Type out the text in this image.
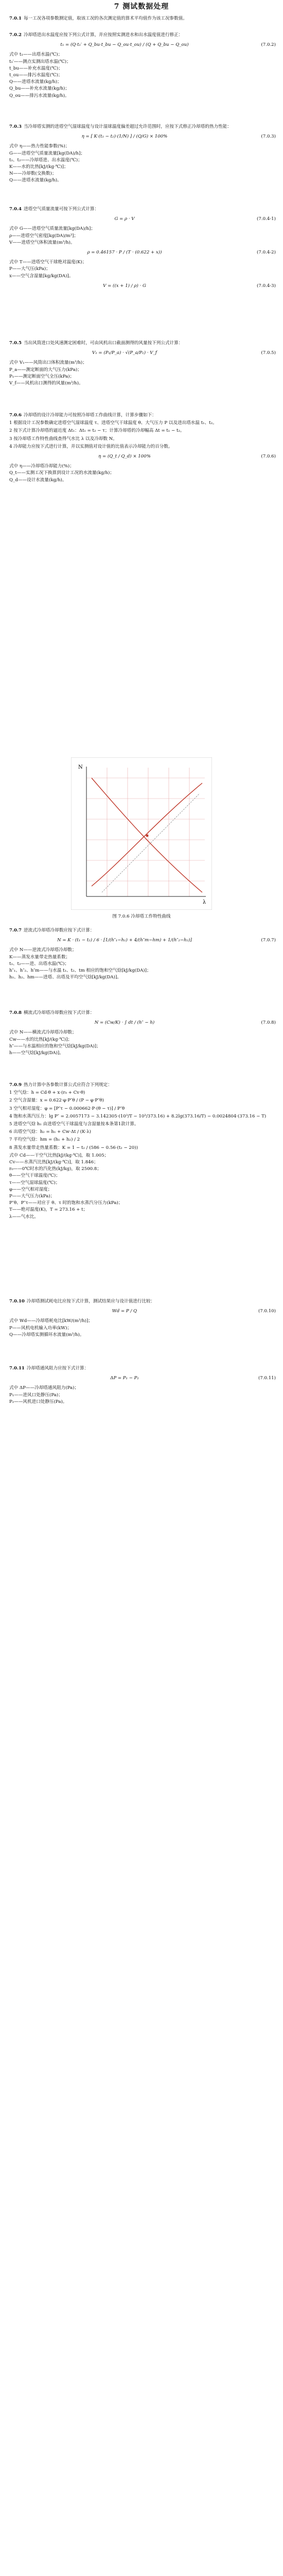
7 测试数据处理

7.0.1 每一工况各项参数测定值，取该工况的各次测定值的算术平均值作为该工况参数值。

7.0.2 冷却塔进出水温度应按下列公式计算，并应按照实测进水和出水温度值进行修正：

t₁ = (Q·t₁′ + Q_bu·t_bu − Q_ou·t_ou) / (Q + Q_bu − Q_ou)	(7.0.2)
式中 t₁——出塔水温(℃)；
t₁′——测点实测出塔水温(℃)；
t_bu——补充水温度(℃)；
t_ou——排污水温度(℃)；
Q——进塔水流量(kg/h)；
Q_bu——补充水流量(kg/h)；
Q_ou——排污水流量(kg/h)。

7.0.3 当冷却塔实测的进塔空气湿球温度与设计湿球温度偏差超过允许范围时，应按下式修正冷却塔的热力性能：

η = [ K·(t₁ − t₂)·(1/N) ] / (Q/G) × 100%	(7.0.3)
式中 η——热力性能参数(%)；
G——进塔空气质量流量[kg(DA)/h]；
t₁、t₂——冷却塔进、出水温度(℃)；
K——水的比热[kJ/(kg·℃)]；
N——冷却数(交换数)；
Q——进塔水流量(kg/h)。

7.0.4 进塔空气质量流量可按下列公式计算：

G = ρ · V	(7.0.4-1)
式中 G——进塔空气质量流量[kg(DA)/h]；
ρ——进塔空气密度[kg(DA)/m³]；
V——进塔空气体积流量(m³/h)。
ρ = 0.46157 · P / (T · (0.622 + x))	(7.0.4-2)
式中 T——进塔空气干球绝对温度(K)；
P——大气压(kPa)；
x——空气含湿量[kg/kg(DA)]。
V = ((x + 1) / ρ) · G	(7.0.4-3)

7.0.5 当出风筒进口处风速测定困难时，可由风机出口截面测得的风量按下列公式计算：

V₁ = (P₁/P_a) · √(P_a/P₁) · V_f	(7.0.5)
式中 V₁——风筒出口体积流量(m³/h)；
P_a——测定断面的大气压力(kPa)；
P₁——测定断面空气全压(kPa)；
V_f——风机出口测得的风量(m³/h)。

7.0.6 冷却塔的设计冷却能力可按照冷却塔工作曲线计算，计算步骤如下：

1 根据设计工况参数确定进塔空气湿球温度 τ、进塔空气干球温度 θ、大气压力 P 以及进出塔水温 t₁、t₂。

2 按下式计算冷却塔的逼近度 Δt₁：Δt₁ = t₂ − τ；计算冷却塔的冷却幅高 Δt = t₁ − t₂。

3 按冷却塔工作特性曲线查得气水比 λ 以及冷却数 N。

4 冷却能力应按下式进行计算，并以实测值对设计值的比值表示冷却能力的百分数。

η = (Q_t / Q_d) × 100%	(7.0.6)
式中 η——冷却塔冷却能力(%)；
Q_t——实测工况下换算到设计工况的水流量(kg/h)；
Q_d——设计水流量(kg/h)。
λ
N
图 7.0.6 冷却塔工作特性曲线

7.0.7 逆流式冷却塔冷却数应按下式计算：

N = K · (t₁ − t₂) / 6 · [1/(h″₁−h₁) + 4/(h″m−hm) + 1/(h″₂−h₂)]	(7.0.7)
式中 N——逆流式冷却塔冷却数；
K——蒸发水量带走热量系数；
t₁、t₂——进、出塔水温(℃)；
h″₁、h″₂、h″m——与水温 t₁、t₂、tm 相应的饱和空气焓[kJ/kg(DA)]；
h₁、h₂、hm——进塔、出塔及平均空气焓[kJ/kg(DA)]。

7.0.8 横流式冷却塔冷却数应按下式计算：

N = (Cw/K) · ∫ dt / (h″ − h)	(7.0.8)
式中 N——横流式冷却塔冷却数；
Cw——水的比热[kJ/(kg·℃)]；
h″——与水温相应的饱和空气焓[kJ/kg(DA)]；
h——空气焓[kJ/kg(DA)]。

7.0.9 热力计算中各参数计算公式应符合下列规定：

1 空气焓：h = Cd·θ + x·(r₀ + Cv·θ)

2 空气含湿量：x = 0.622·φ·P″θ / (P − φ·P″θ)

3 空气相对湿度：φ = [P″τ − 0.000662·P·(θ − τ)] / P″θ

4 饱和水蒸汽压力：lg P″ = 2.0057173 − 3.142305·(10³/T − 10³/373.16) + 8.2lg(373.16/T) − 0.0024804·(373.16 − T)

5 进塔空气焓 h₁ 由进塔空气干球温度与含湿量按本条第1款计算。

6 出塔空气焓：h₂ = h₁ + Cw·Δt / (K·λ)

7 平均空气焓：hm = (h₁ + h₂) / 2

8 蒸发水量带走热量系数：K = 1 − t₂ / (586 − 0.56·(t₂ − 20))

式中 Cd——干空气比热[kJ/(kg·℃)]，取 1.005；
Cv——水蒸汽比热[kJ/(kg·℃)]，取 1.846；
r₀——0℃时水的汽化热(kJ/kg)，取 2500.8；
θ——空气干球温度(℃)；
τ——空气湿球温度(℃)；
φ——空气相对湿度；
P——大气压力(kPa)；
P″θ、P″τ——对应于 θ、τ 时的饱和水蒸汽分压力(kPa)；
T——绝对温度(K)，T = 273.16 + t；
λ——气水比。

7.0.10 冷却塔测试耗电比应按下式计算，测试结果应与设计值进行比较：

Wd = P / Q	(7.0.10)
式中 Wd——冷却塔耗电比[kW/(m³/h)]；
P——风机电机输入功率(kW)；
Q——冷却塔实测循环水流量(m³/h)。

7.0.11 冷却塔通风阻力应按下式计算：

ΔP = P₁ − P₂	(7.0.11)
式中 ΔP——冷却塔通风阻力(Pa)；
P₁——进风口处静压(Pa)；
P₂——风机进口处静压(Pa)。
